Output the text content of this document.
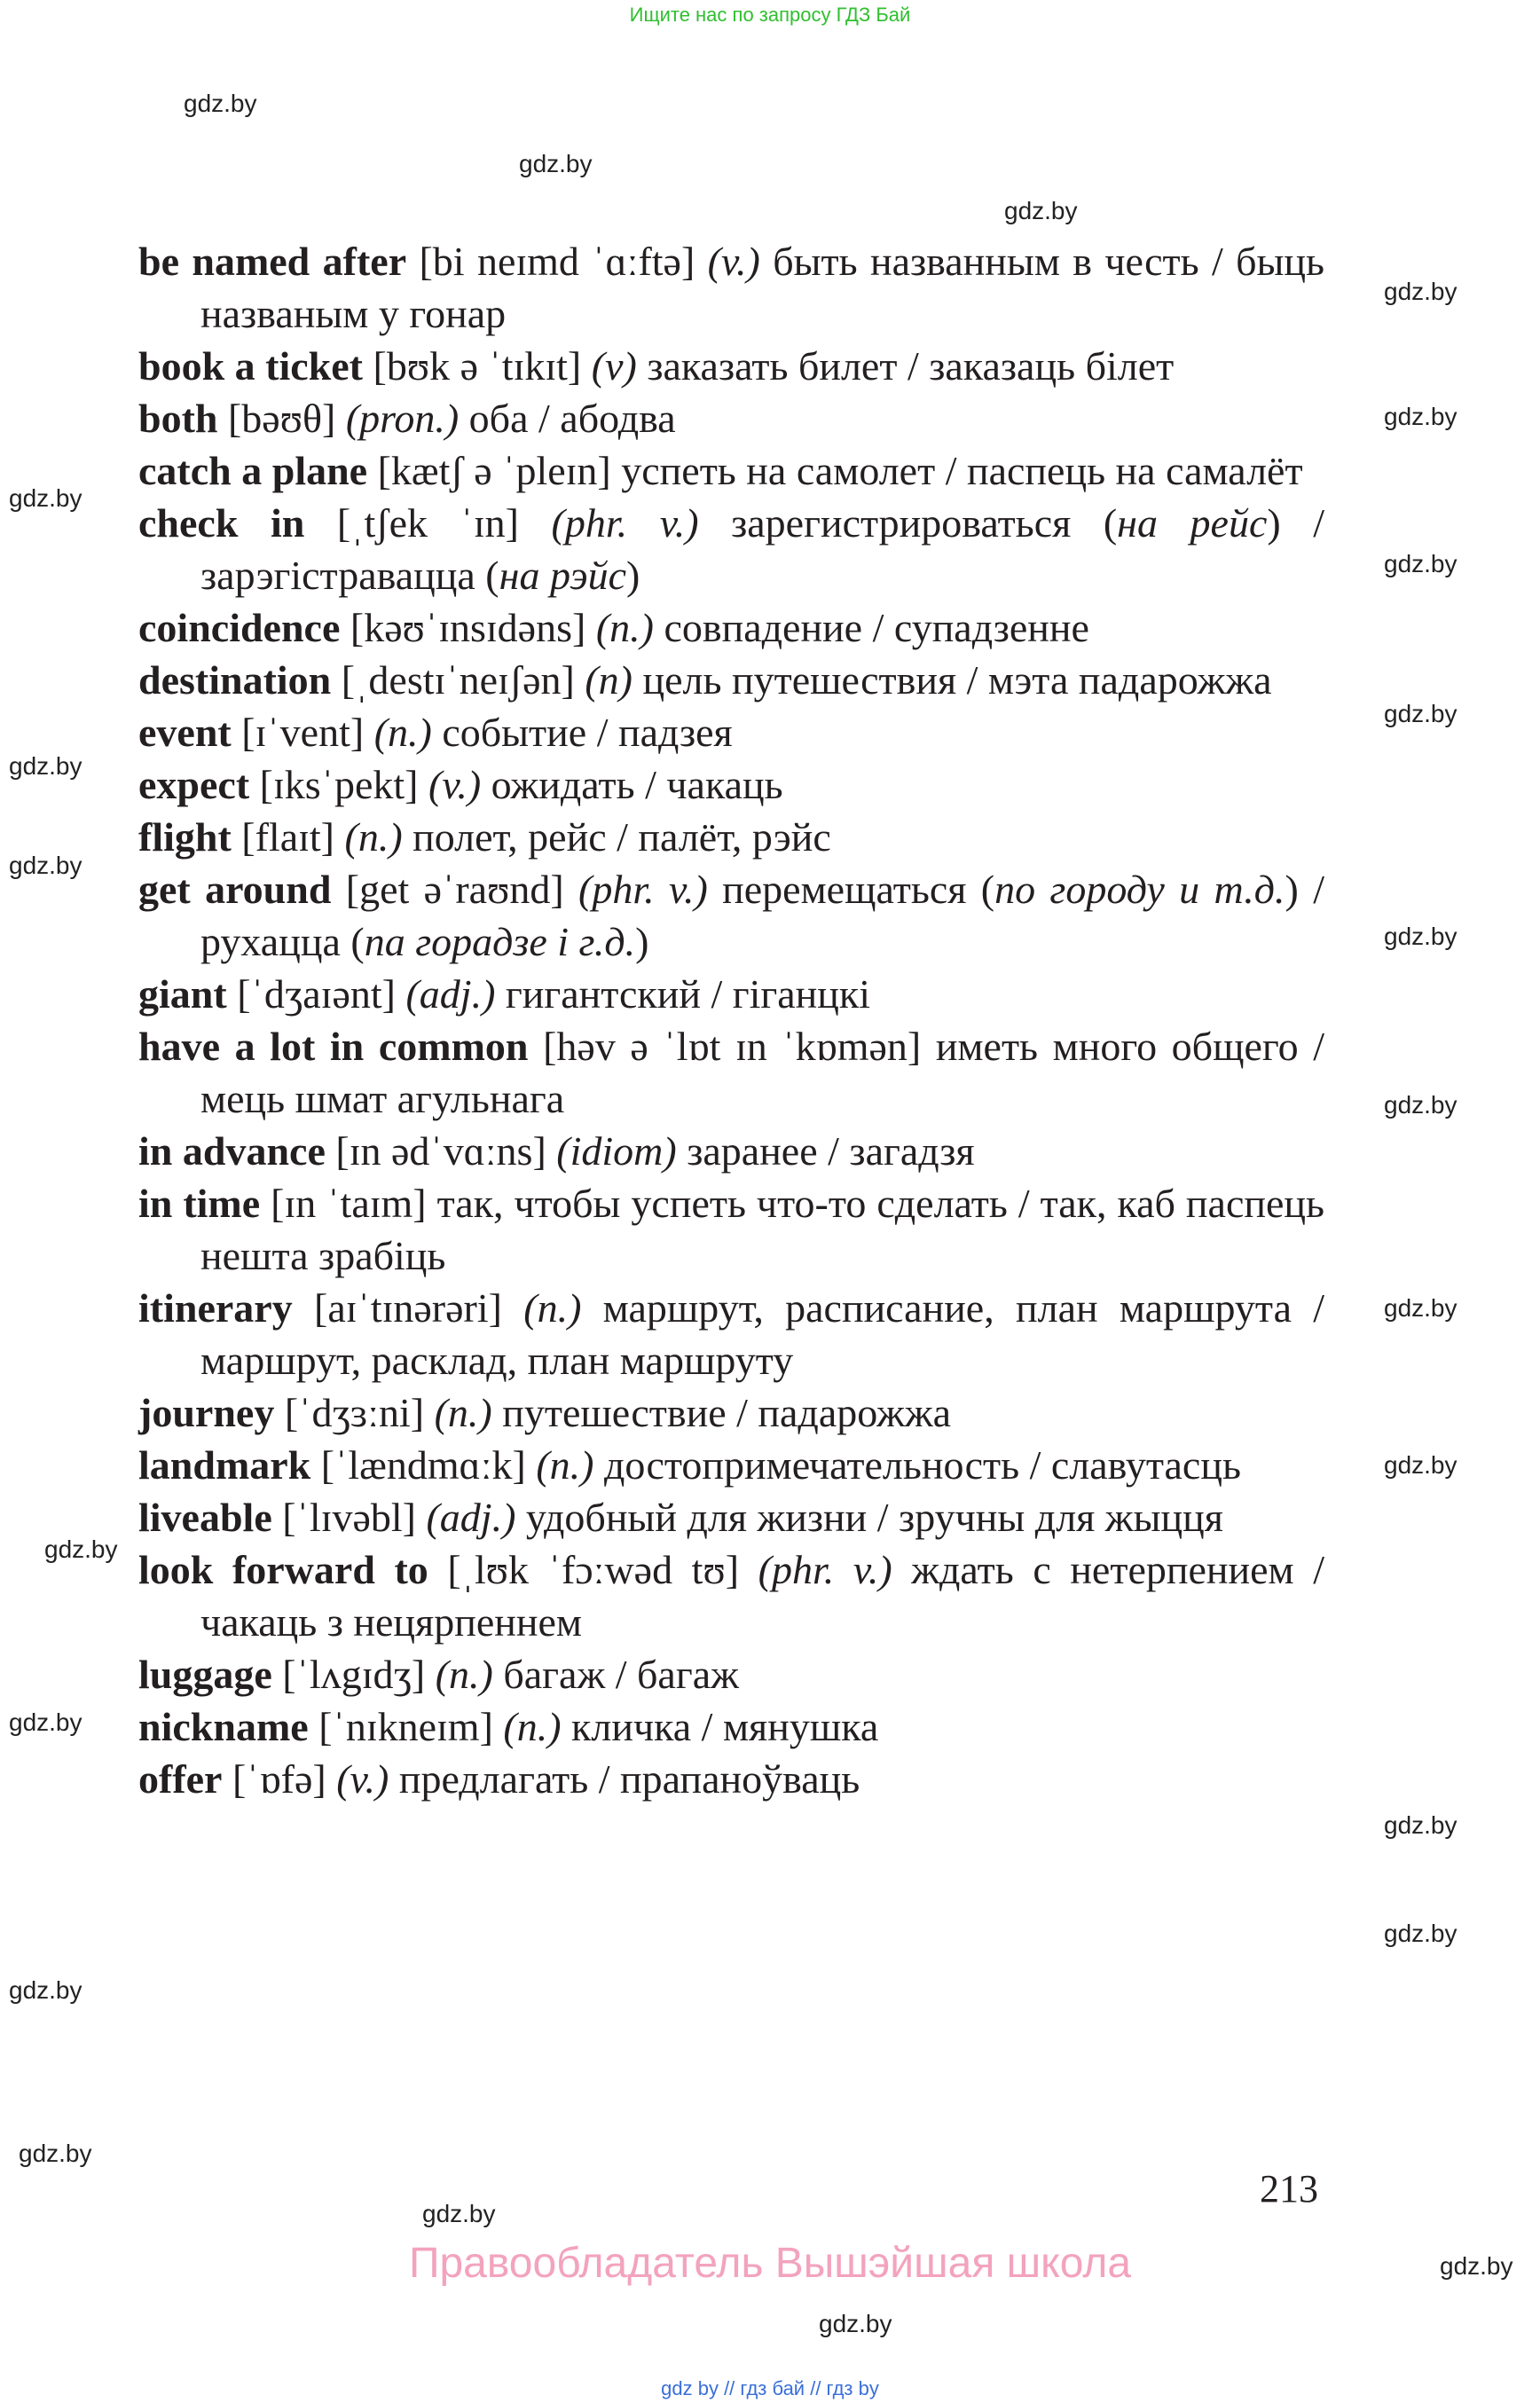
Ищите нас по запросу ГДЗ Бай
be named after [bi neɪmd ˈɑːftə] (v.) быть названным в честь / быць названым у гонар
book a ticket [bʊk ə ˈtɪkɪt] (v) заказать билет / заказаць білет
both [bəʊθ] (pron.) оба / абодва
catch a plane [kætʃ ə ˈpleɪn] успеть на самолет / паспець на самалёт
check in [ˌtʃek ˈɪn] (phr. v.) зарегистрироваться (на рейс) / зарэгістравацца (на рэйс)
coincidence [kəʊˈɪnsɪdəns] (n.) совпадение / супадзенне
destination [ˌdestɪˈneɪʃən] (n) цель путешествия / мэта падарожжа
event [ɪˈvent] (n.) событие / падзея
expect [ɪksˈpekt] (v.) ожидать / чакаць
flight [flaɪt] (n.) полет, рейс / палёт, рэйс
get around [get əˈraʊnd] (phr. v.) перемещаться (по городу и т.д.) / рухацца (па горадзе і г.д.)
giant [ˈdʒaɪənt] (adj.) гигантский / гіганцкі
have a lot in common [həv ə ˈlɒt ɪn ˈkɒmən] иметь много общего / мець шмат агульнага
in advance [ɪn ədˈvɑːns] (idiom) заранее / загадзя
in time [ɪn ˈtaɪm] так, чтобы успеть что-то сделать / так, каб паспець нешта зрабіць
itinerary [aɪˈtɪnərəri] (n.) маршрут, расписание, план маршрута / маршрут, расклад, план маршруту
journey [ˈdʒɜːni] (n.) путешествие / падарожжа
landmark [ˈlændmɑːk] (n.) достопримечательность / славутасць
liveable [ˈlɪvəbl] (adj.) удобный для жизни / зручны для жыцця
look forward to [ˌlʊk ˈfɔːwəd tʊ] (phr. v.) ждать с нетерпением / чакаць з нецярпеннем
luggage [ˈlʌgɪdʒ] (n.) багаж / багаж
nickname [ˈnɪkneɪm] (n.) кличка / мянушка
offer [ˈɒfə] (v.) предлагать / прапаноўваць
gdz.by
gdz.by
gdz.by
gdz.by
gdz.by
gdz.by
gdz.by
gdz.by
gdz.by
gdz.by
gdz.by
gdz.by
gdz.by
gdz.by
gdz.by
gdz.by
gdz.by
gdz.by
gdz.by
gdz.by
gdz.by
gdz.by
gdz.by
213
Правообладатель Вышэйшая школа
gdz by // гдз бай // гдз by
